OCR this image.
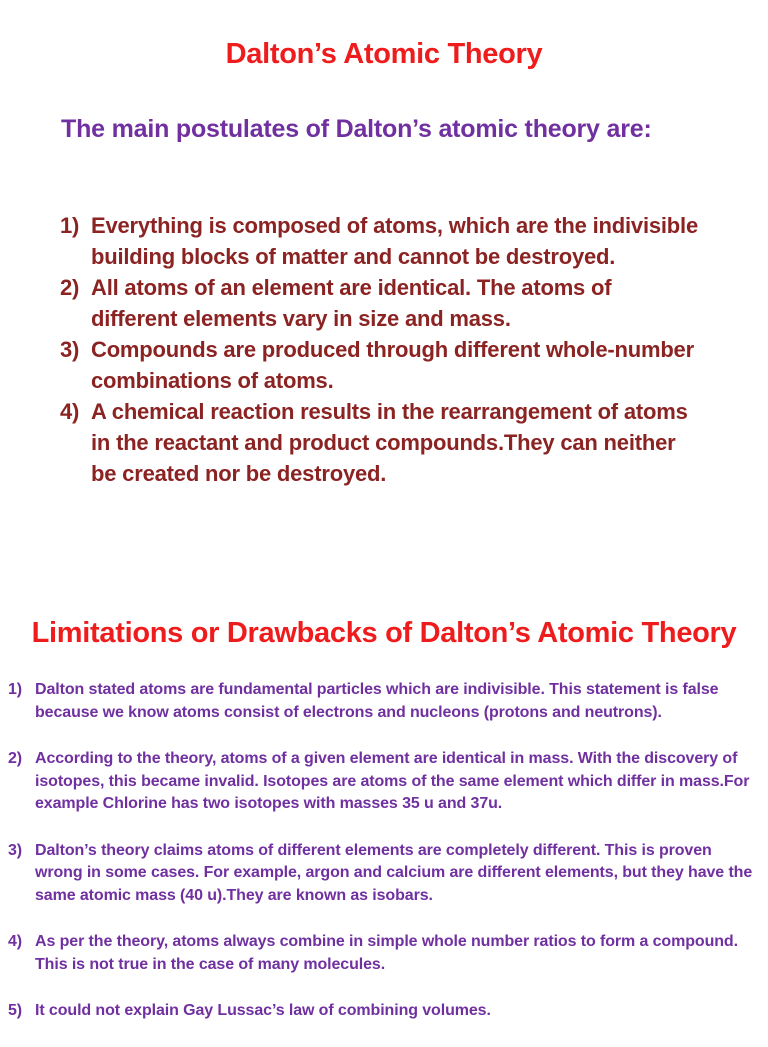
Dalton’s Atomic Theory
The main postulates of Dalton’s atomic theory are:
1) Everything is composed of atoms, which are the indivisible building blocks of matter and cannot be destroyed.
2) All atoms of an element are identical. The atoms of different elements vary in size and mass.
3) Compounds are produced through different whole-number combinations of atoms.
4) A chemical reaction results in the rearrangement of atoms in the reactant and product compounds.They can neither be created nor be destroyed.
Limitations or Drawbacks of Dalton’s Atomic Theory
1) Dalton stated atoms are fundamental particles which are indivisible. This statement is false because we know atoms consist of electrons and nucleons (protons and neutrons).
2) According to the theory, atoms of a given element are identical in mass. With the discovery of isotopes, this became invalid. Isotopes are atoms of the same element which differ in mass.For example Chlorine has two isotopes with masses 35 u and 37u.
3) Dalton’s theory claims atoms of different elements are completely different. This is proven wrong in some cases. For example, argon and calcium are different elements, but they have the same atomic mass (40 u).They are known as isobars.
4) As per the theory, atoms always combine in simple whole number ratios to form a compound. This is not true in the case of many molecules.
5) It could not explain Gay Lussac’s law of combining volumes.
